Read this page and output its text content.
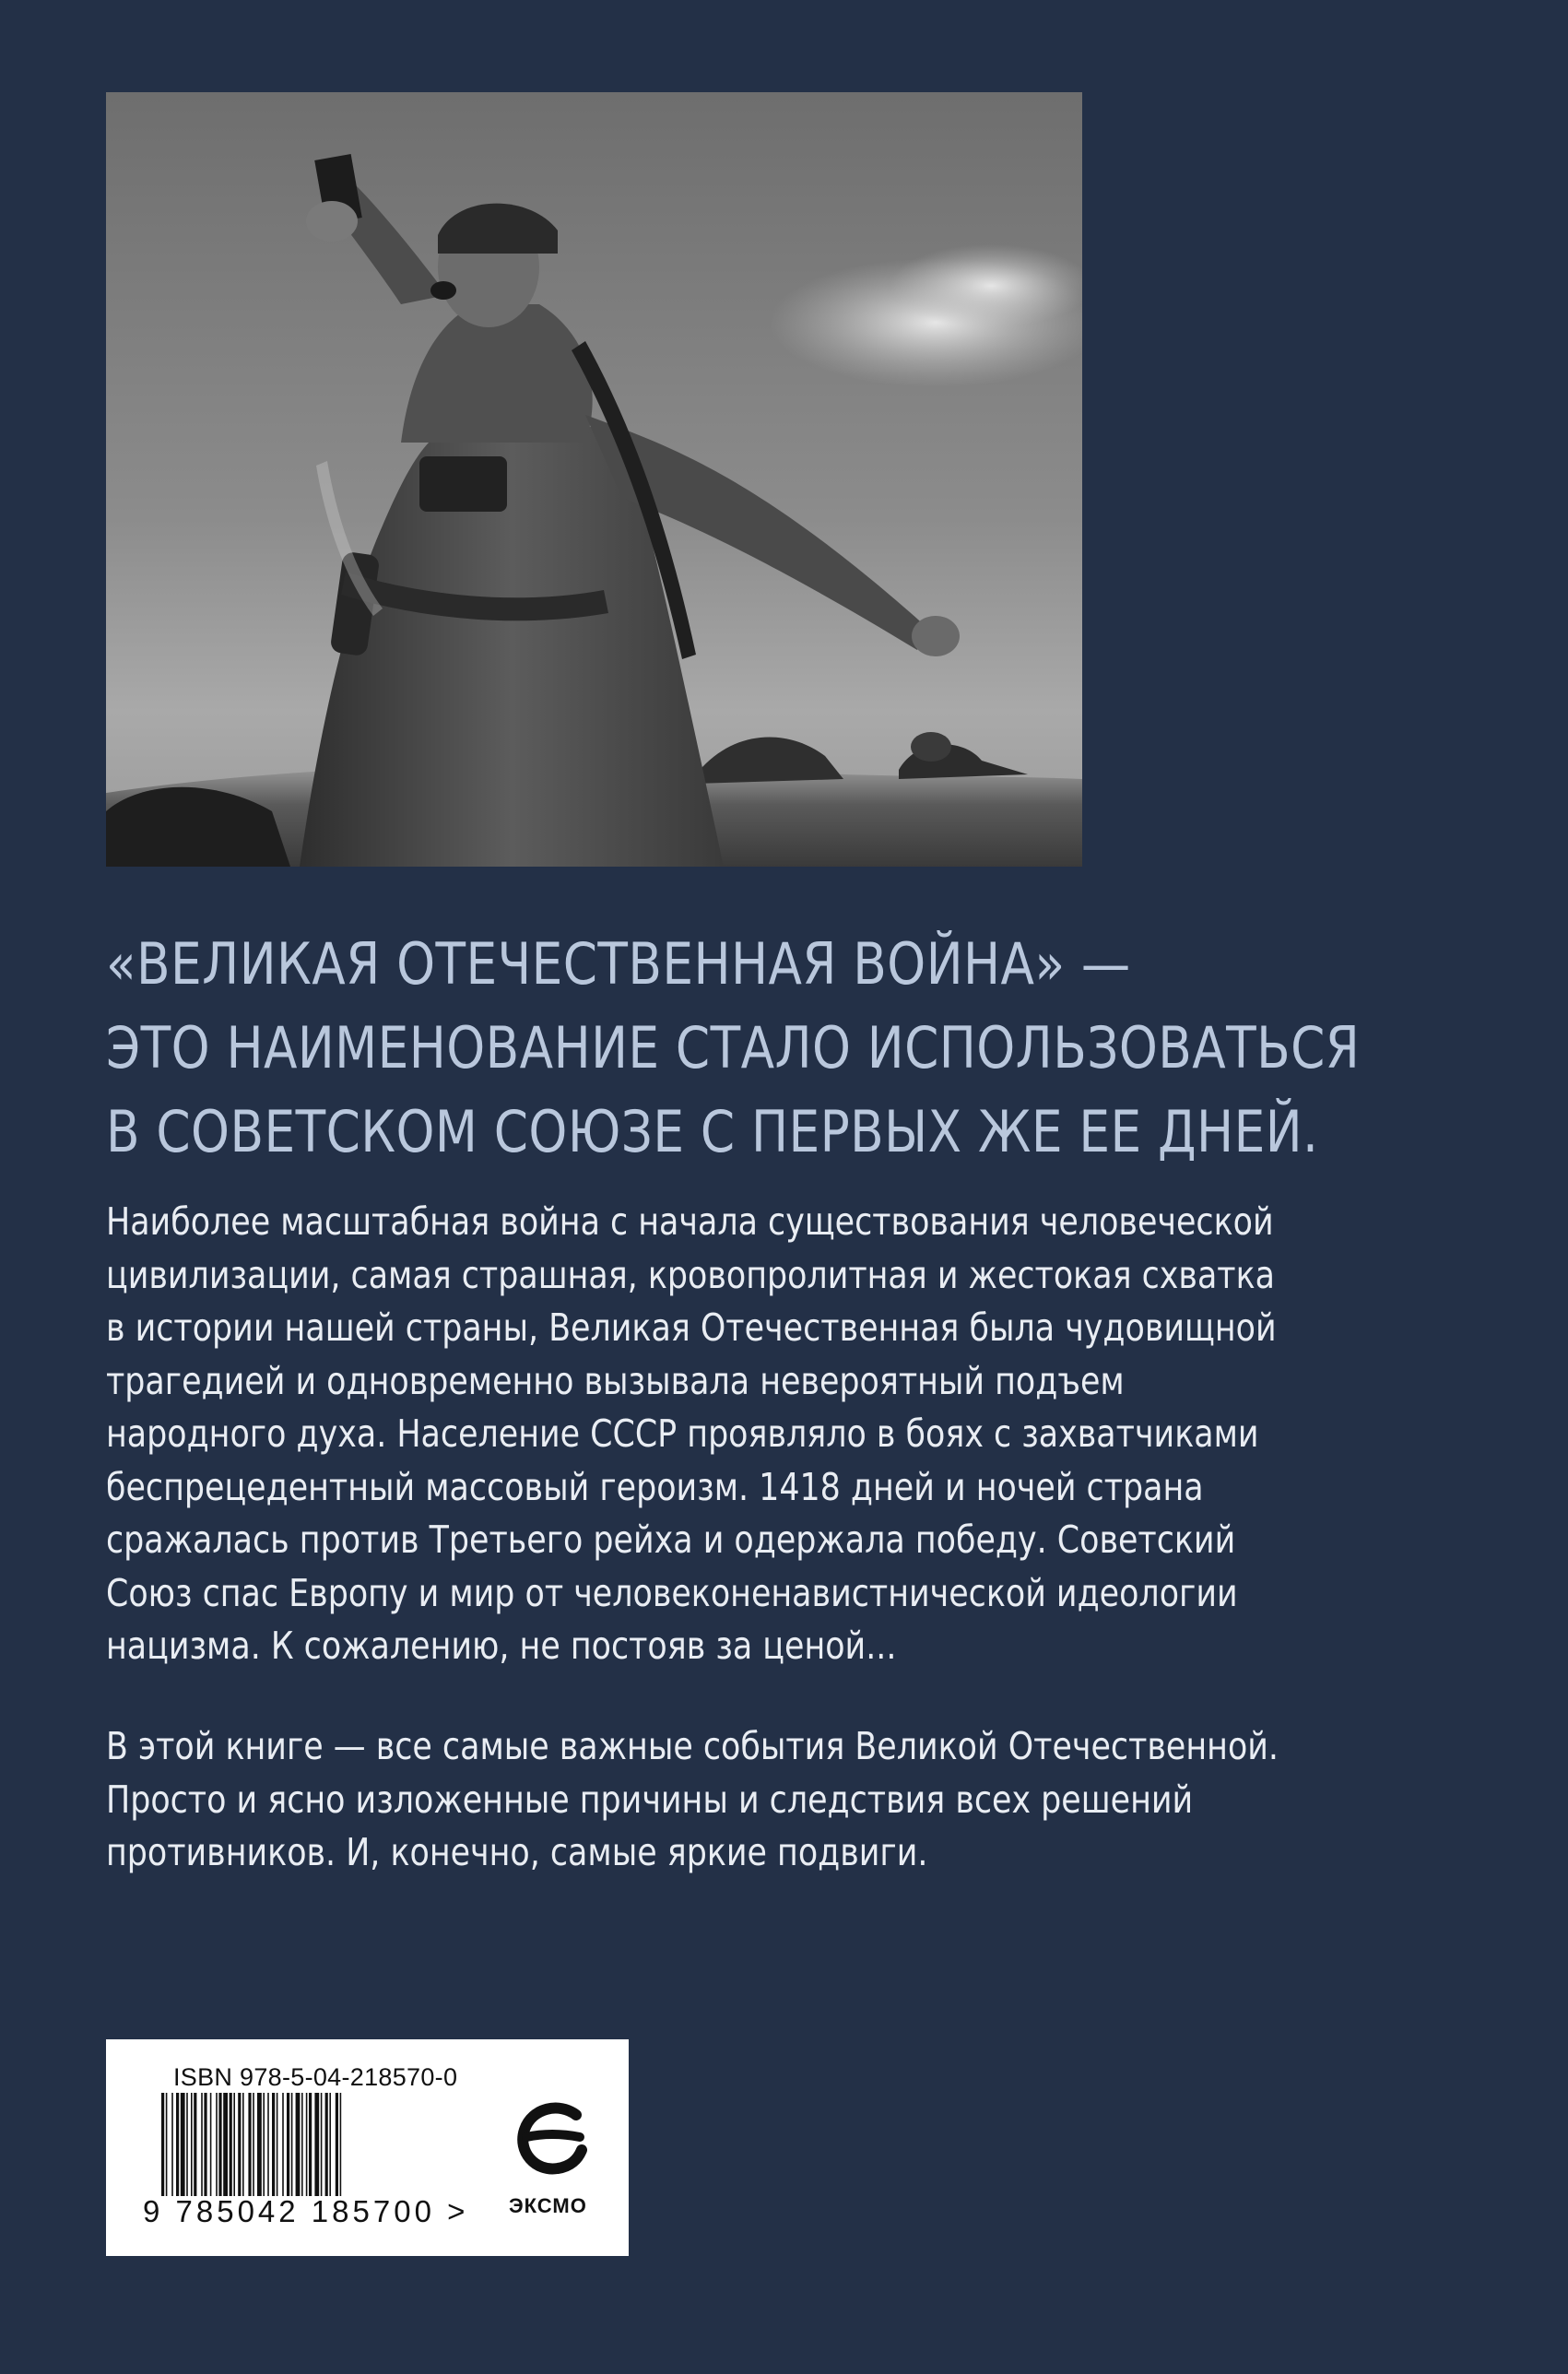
«ВЕЛИКАЯ ОТЕЧЕСТВЕННАЯ ВОЙНА» —
ЭТО НАИМЕНОВАНИЕ СТАЛО ИСПОЛЬЗОВАТЬСЯ
В СОВЕТСКОМ СОЮЗЕ С ПЕРВЫХ ЖЕ ЕЕ ДНЕЙ.
Наиболее масштабная война с начала существования человеческой
цивилизации, самая страшная, кровопролитная и жестокая схватка
в истории нашей страны, Великая Отечественная была чудовищной
трагедией и одновременно вызывала невероятный подъем
народного духа. Население СССР проявляло в боях с захватчиками
беспрецедентный массовый героизм. 1418 дней и ночей страна
сражалась против Третьего рейха и одержала победу. Советский
Союз спас Европу и мир от человеконенавистнической идеологии
нацизма. К сожалению, не постояв за ценой...
В этой книге — все самые важные события Великой Отечественной.
Просто и ясно изложенные причины и следствия всех решений
противников. И, конечно, самые яркие подвиги.
ISBN 978-5-04-218570-0
9 785042 185700 > ЭКСМО
